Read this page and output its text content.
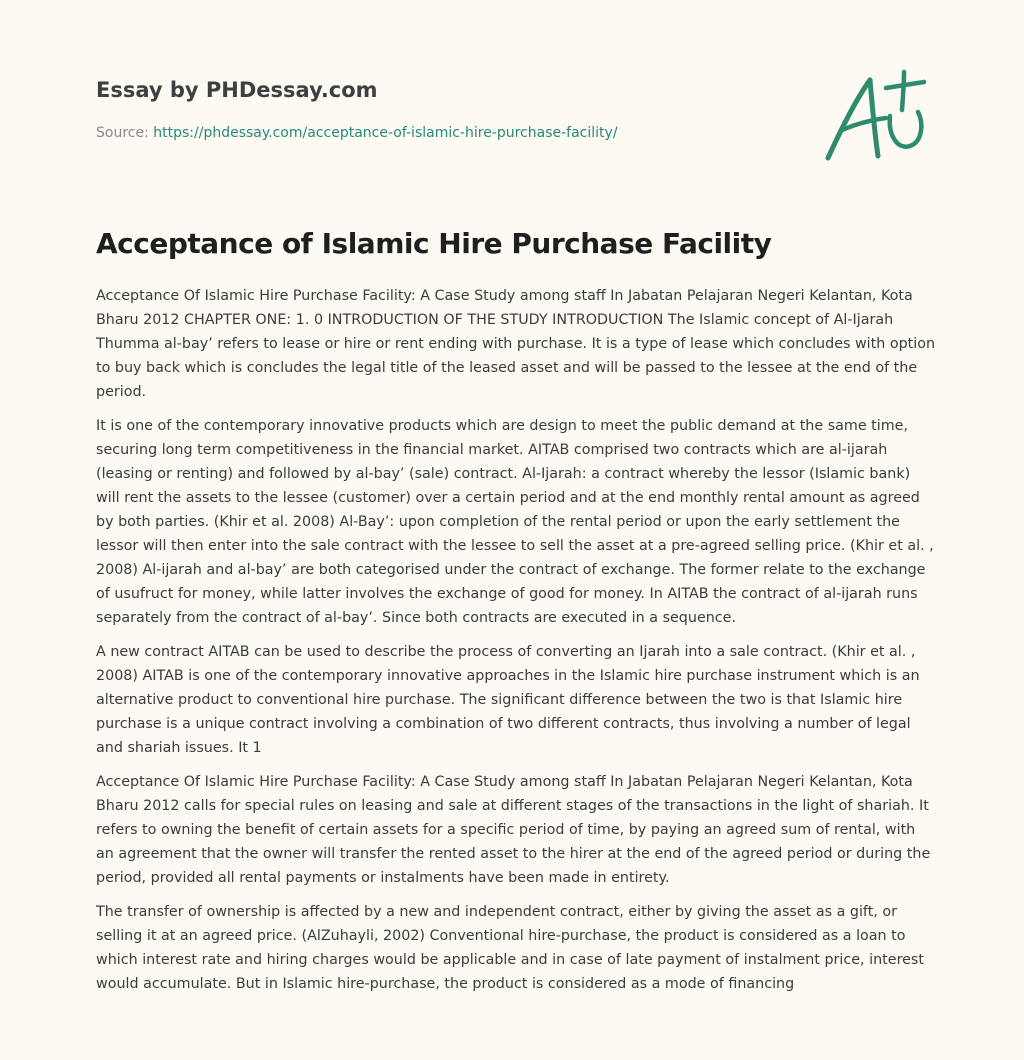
Essay by PHDessay.com
Source: https://phdessay.com/acceptance-of-islamic-hire-purchase-facility/
Acceptance of Islamic Hire Purchase Facility

Acceptance Of Islamic Hire Purchase Facility: A Case Study among staff In Jabatan Pelajaran Negeri Kelantan, Kota Bharu 2012 CHAPTER ONE: 1. 0 INTRODUCTION OF THE STUDY INTRODUCTION The Islamic concept of Al-Ijarah Thumma al-bay’ refers to lease or hire or rent ending with purchase. It is a type of lease which concludes with option to buy back which is concludes the legal title of the leased asset and will be passed to the lessee at the end of the period.

It is one of the contemporary innovative products which are design to meet the public demand at the same time, securing long term competitiveness in the financial market. AITAB comprised two contracts which are al-ijarah (leasing or renting) and followed by al-bay’ (sale) contract. Al-Ijarah: a contract whereby the lessor (Islamic bank) will rent the assets to the lessee (customer) over a certain period and at the end monthly rental amount as agreed by both parties. (Khir et al. 2008) Al-Bay’: upon completion of the rental period or upon the early settlement the lessor will then enter into the sale contract with the lessee to sell the asset at a pre-agreed selling price. (Khir et al. , 2008) Al-ijarah and al-bay’ are both categorised under the contract of exchange. The former relate to the exchange of usufruct for money, while latter involves the exchange of good for money. In AITAB the contract of al-ijarah runs separately from the contract of al-bay’. Since both contracts are executed in a sequence.

A new contract AITAB can be used to describe the process of converting an Ijarah into a sale contract. (Khir et al. , 2008) AITAB is one of the contemporary innovative approaches in the Islamic hire purchase instrument which is an alternative product to conventional hire purchase. The significant difference between the two is that Islamic hire purchase is a unique contract involving a combination of two different contracts, thus involving a number of legal and shariah issues. It 1

Acceptance Of Islamic Hire Purchase Facility: A Case Study among staff In Jabatan Pelajaran Negeri Kelantan, Kota Bharu 2012 calls for special rules on leasing and sale at different stages of the transactions in the light of shariah. It refers to owning the benefit of certain assets for a specific period of time, by paying an agreed sum of rental, with an agreement that the owner will transfer the rented asset to the hirer at the end of the agreed period or during the period, provided all rental payments or instalments have been made in entirety.

The transfer of ownership is affected by a new and independent contract, either by giving the asset as a gift, or selling it at an agreed price. (AlZuhayli, 2002) Conventional hire-purchase, the product is considered as a loan to which interest rate and hiring charges would be applicable and in case of late payment of instalment price, interest would accumulate. But in Islamic hire-purchase, the product is considered as a mode of financing
